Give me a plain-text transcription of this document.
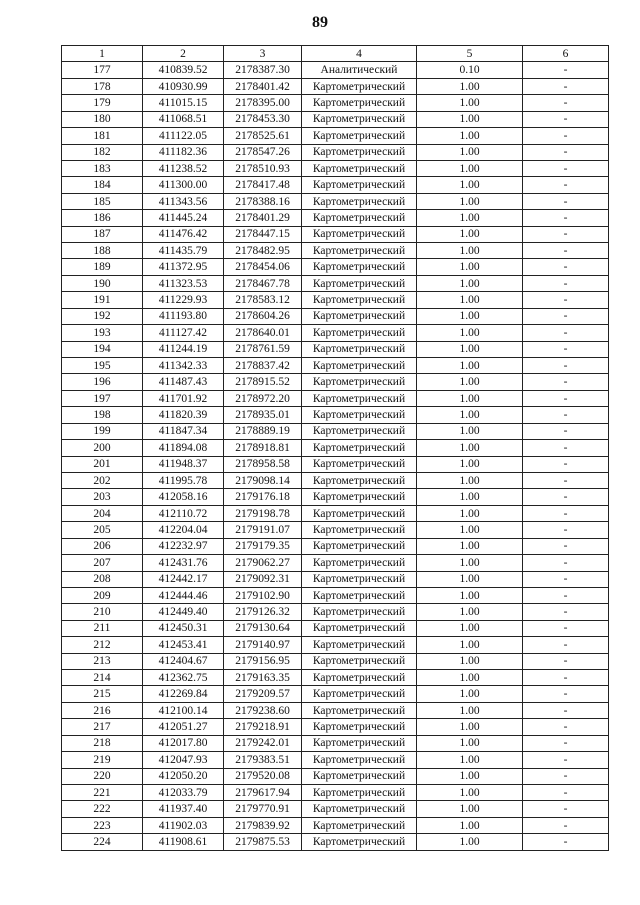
89
1	2	3	4	5	6
177	410839.52	2178387.30	Аналитический	0.10	-
178	410930.99	2178401.42	Картометрический	1.00	-
179	411015.15	2178395.00	Картометрический	1.00	-
180	411068.51	2178453.30	Картометрический	1.00	-
181	411122.05	2178525.61	Картометрический	1.00	-
182	411182.36	2178547.26	Картометрический	1.00	-
183	411238.52	2178510.93	Картометрический	1.00	-
184	411300.00	2178417.48	Картометрический	1.00	-
185	411343.56	2178388.16	Картометрический	1.00	-
186	411445.24	2178401.29	Картометрический	1.00	-
187	411476.42	2178447.15	Картометрический	1.00	-
188	411435.79	2178482.95	Картометрический	1.00	-
189	411372.95	2178454.06	Картометрический	1.00	-
190	411323.53	2178467.78	Картометрический	1.00	-
191	411229.93	2178583.12	Картометрический	1.00	-
192	411193.80	2178604.26	Картометрический	1.00	-
193	411127.42	2178640.01	Картометрический	1.00	-
194	411244.19	2178761.59	Картометрический	1.00	-
195	411342.33	2178837.42	Картометрический	1.00	-
196	411487.43	2178915.52	Картометрический	1.00	-
197	411701.92	2178972.20	Картометрический	1.00	-
198	411820.39	2178935.01	Картометрический	1.00	-
199	411847.34	2178889.19	Картометрический	1.00	-
200	411894.08	2178918.81	Картометрический	1.00	-
201	411948.37	2178958.58	Картометрический	1.00	-
202	411995.78	2179098.14	Картометрический	1.00	-
203	412058.16	2179176.18	Картометрический	1.00	-
204	412110.72	2179198.78	Картометрический	1.00	-
205	412204.04	2179191.07	Картометрический	1.00	-
206	412232.97	2179179.35	Картометрический	1.00	-
207	412431.76	2179062.27	Картометрический	1.00	-
208	412442.17	2179092.31	Картометрический	1.00	-
209	412444.46	2179102.90	Картометрический	1.00	-
210	412449.40	2179126.32	Картометрический	1.00	-
211	412450.31	2179130.64	Картометрический	1.00	-
212	412453.41	2179140.97	Картометрический	1.00	-
213	412404.67	2179156.95	Картометрический	1.00	-
214	412362.75	2179163.35	Картометрический	1.00	-
215	412269.84	2179209.57	Картометрический	1.00	-
216	412100.14	2179238.60	Картометрический	1.00	-
217	412051.27	2179218.91	Картометрический	1.00	-
218	412017.80	2179242.01	Картометрический	1.00	-
219	412047.93	2179383.51	Картометрический	1.00	-
220	412050.20	2179520.08	Картометрический	1.00	-
221	412033.79	2179617.94	Картометрический	1.00	-
222	411937.40	2179770.91	Картометрический	1.00	-
223	411902.03	2179839.92	Картометрический	1.00	-
224	411908.61	2179875.53	Картометрический	1.00	-
